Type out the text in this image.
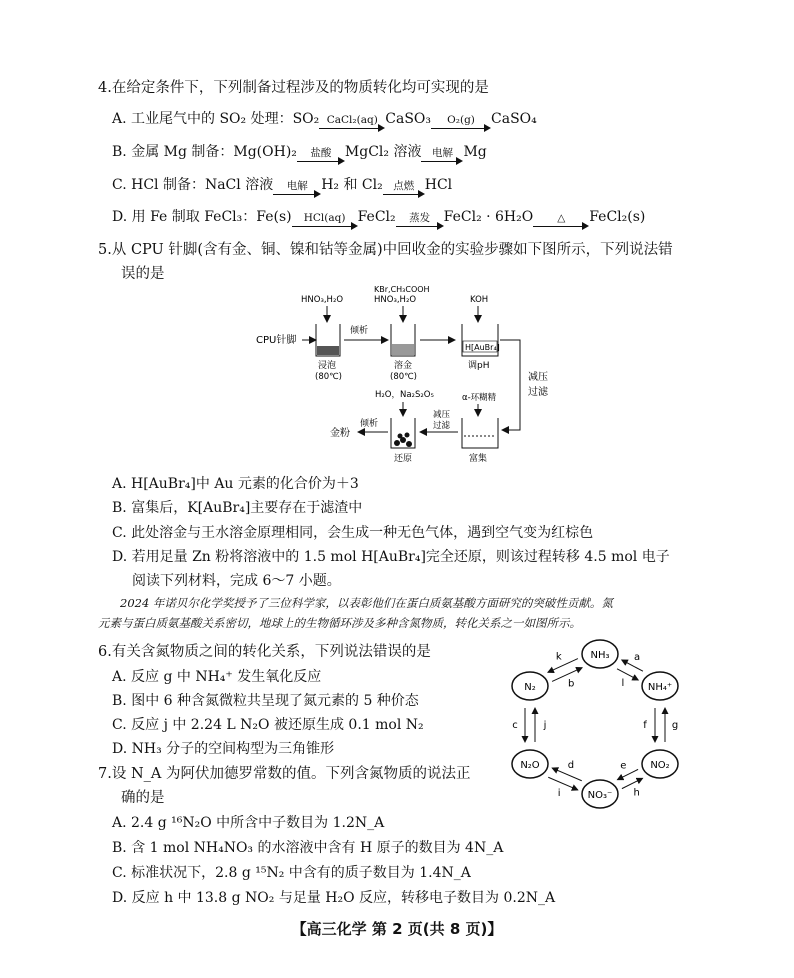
4.在给定条件下，下列制备过程涉及的物质转化均可实现的是
A. 工业尾气中的 SO₂ 处理：SO₂ CaCl₂(aq) CaSO₃	O₂(g)	CaSO₄
B. 金属 Mg 制备：Mg(OH)₂	盐酸 MgCl₂ 溶液	电解 Mg
C. HCl 制备：NaCl 溶液	电解 H₂ 和 Cl₂	点燃 HCl
D. 用 Fe 制取 FeCl₃：Fe(s)	HCl(aq) FeCl₂	蒸发 FeCl₂ · 6H₂O	△	FeCl₂(s)
5.从 CPU 针脚(含有金、铜、镍和钴等金属)中回收金的实验步骤如下图所示，下列说法错
误的是
HNO₃,H₂O
KBr,CH₃COOH
HNO₃,H₂O	KOH
CPU针脚
浸泡
(80℃)
倾析
溶金
(80℃)
H[AuBr₄]
调pH
减压
过滤
α-环糊精
富集
减压
过滤
H₂O，Na₂S₂O₅
还原
倾析
金粉
A. H[AuBr₄]中 Au 元素的化合价为＋3
B. 富集后，K[AuBr₄]主要存在于滤渣中
C. 此处溶金与王水溶金原理相同，会生成一种无色气体，遇到空气变为红棕色
D. 若用足量 Zn 粉将溶液中的 1.5 mol H[AuBr₄]完全还原，则该过程转移 4.5 mol 电子
阅读下列材料，完成 6～7 小题。
2024 年诺贝尔化学奖授予了三位科学家，以表彰他们在蛋白质氨基酸方面研究的突破性贡献。氮
元素与蛋白质氨基酸关系密切，地球上的生物循环涉及多种含氮物质，转化关系之一如图所示。
6.有关含氮物质之间的转化关系，下列说法错误的是
A. 反应 g 中 NH₄⁺ 发生氧化反应
B. 图中 6 种含氮微粒共呈现了氮元素的 5 种价态
C. 反应 j 中 2.24 L N₂O 被还原生成 0.1 mol N₂
D. NH₃ 分子的空间构型为三角锥形
NH₃
NH₄⁺
NO₂
NO₃⁻
N₂O
N₂
k
b	l
a
f	g
e
h
d
i
j
c
7.设 N_A 为阿伏加德罗常数的值。下列含氮物质的说法正
确的是
A. 2.4 g ¹⁶N₂O 中所含中子数目为 1.2N_A
B. 含 1 mol NH₄NO₃ 的水溶液中含有 H 原子的数目为 4N_A
C. 标准状况下，2.8 g ¹⁵N₂ 中含有的质子数目为 1.4N_A
D. 反应 h 中 13.8 g NO₂ 与足量 H₂O 反应，转移电子数目为 0.2N_A
【高三化学 第 2 页(共 8 页)】
